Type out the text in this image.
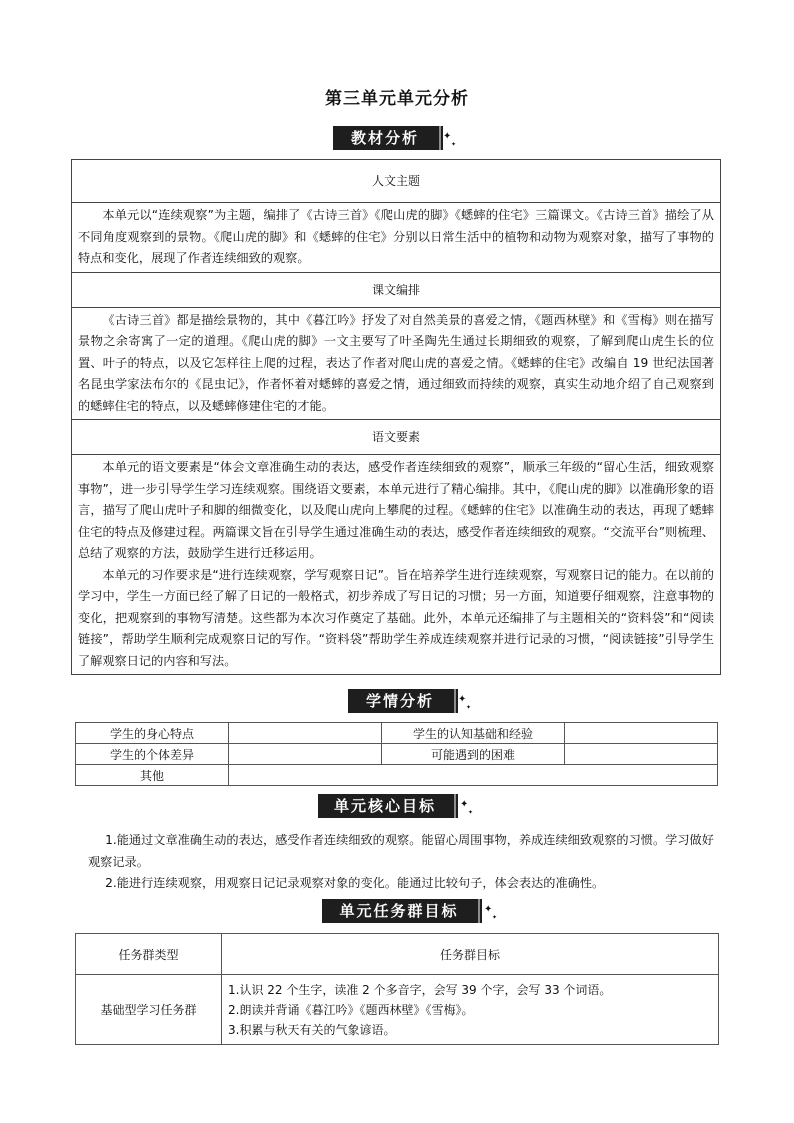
第三单元单元分析
教材分析	✦
✦
人文主题
本单元以“连续观察”为主题，编排了《古诗三首》《爬山虎的脚》《蟋蟀的住宅》三篇课文。《古诗三首》描绘了从不同角度观察到的景物。《爬山虎的脚》和《蟋蟀的住宅》分别以日常生活中的植物和动物为观察对象，描写了事物的特点和变化，展现了作者连续细致的观察。
课文编排
《古诗三首》都是描绘景物的，其中《暮江吟》抒发了对自然美景的喜爱之情，《题西林壁》和《雪梅》则在描写景物之余寄寓了一定的道理。《爬山虎的脚》一文主要写了叶圣陶先生通过长期细致的观察，了解到爬山虎生长的位置、叶子的特点，以及它怎样往上爬的过程，表达了作者对爬山虎的喜爱之情。《蟋蟀的住宅》改编自 19 世纪法国著名昆虫学家法布尔的《昆虫记》，作者怀着对蟋蟀的喜爱之情，通过细致而持续的观察，真实生动地介绍了自己观察到的蟋蟀住宅的特点，以及蟋蟀修建住宅的才能。
语文要素
本单元的语文要素是“体会文章准确生动的表达，感受作者连续细致的观察”，顺承三年级的“留心生活，细致观察事物”，进一步引导学生学习连续观察。围绕语文要素，本单元进行了精心编排。其中，《爬山虎的脚》以准确形象的语言，描写了爬山虎叶子和脚的细微变化，以及爬山虎向上攀爬的过程。《蟋蟀的住宅》以准确生动的表达，再现了蟋蟀住宅的特点及修建过程。两篇课文旨在引导学生通过准确生动的表达，感受作者连续细致的观察。“交流平台”则梳理、总结了观察的方法，鼓励学生进行迁移运用。
本单元的习作要求是“进行连续观察，学写观察日记”。旨在培养学生进行连续观察，写观察日记的能力。在以前的学习中，学生一方面已经了解了日记的一般格式，初步养成了写日记的习惯；另一方面，知道要仔细观察，注意事物的变化，把观察到的事物写清楚。这些都为本次习作奠定了基础。此外，本单元还编排了与主题相关的“资料袋”和“阅读链接”，帮助学生顺利完成观察日记的写作。“资料袋”帮助学生养成连续观察并进行记录的习惯，“阅读链接”引导学生了解观察日记的内容和写法。
学情分析	✦
✦
学生的身心特点		学生的认知基础和经验	
学生的个体差异		可能遇到的困难	
其他			
单元核心目标	✦
✦
1.能通过文章准确生动的表达，感受作者连续细致的观察。能留心周围事物，养成连续细致观察的习惯。学习做好观察记录。
2.能进行连续观察，用观察日记记录观察对象的变化。能通过比较句子，体会表达的准确性。
单元任务群目标	✦
✦
任务群类型	任务群目标
基础型学习任务群	1.认识 22 个生字，读准 2 个多音字，会写 39 个字，会写 33 个词语。
2.朗读并背诵《暮江吟》《题西林壁》《雪梅》。
3.积累与秋天有关的气象谚语。
